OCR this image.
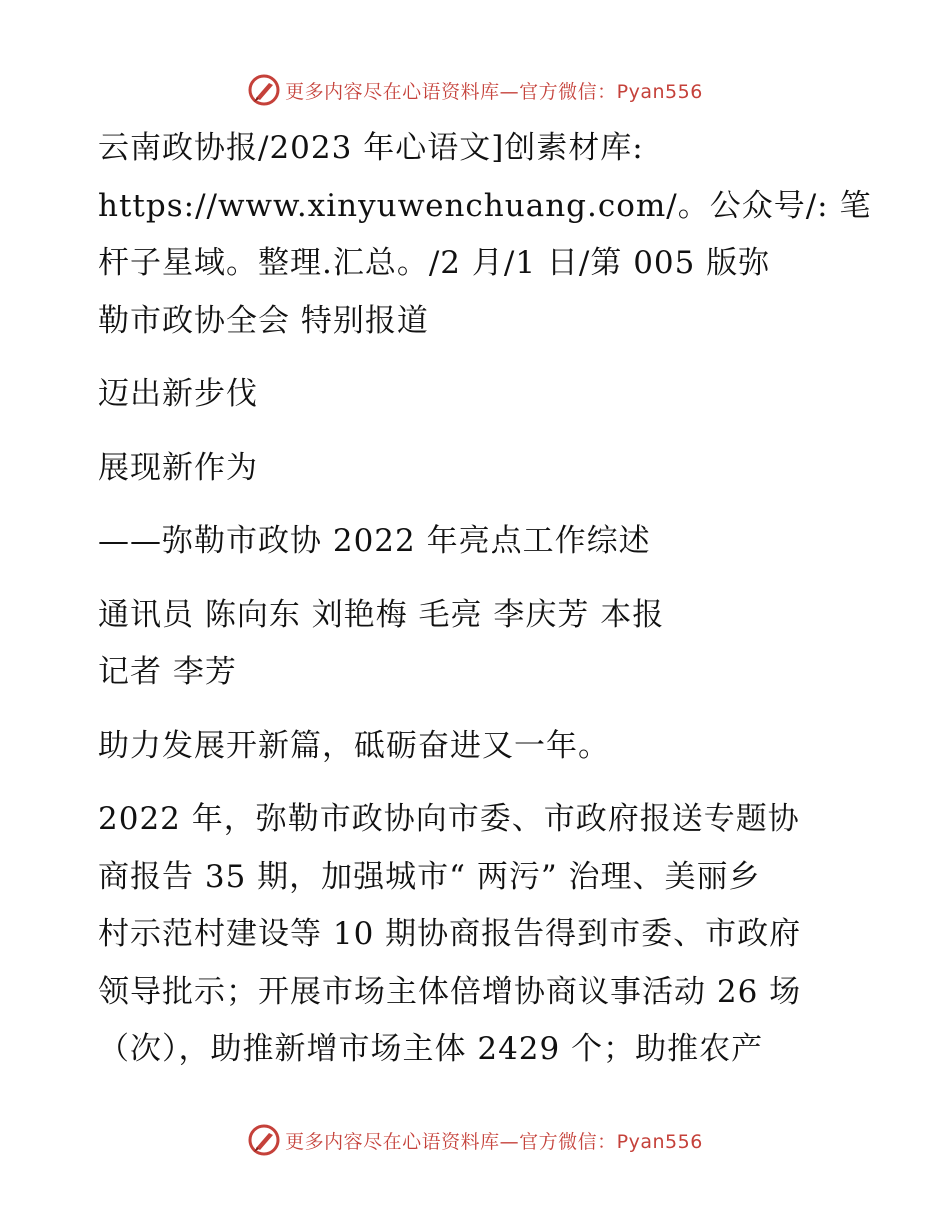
更多内容尽在心语资料库—官方微信：Pyan556

云南政协报/2023 年心语文]创素材库:

https://www.xinyuwenchuang.com/。公众号/: 笔

杆子星域。整理.汇总。/2 月/1 日/第 005 版弥

勒市政协全会 特别报道

迈出新步伐

展现新作为

——弥勒市政协 2022 年亮点工作综述

通讯员 陈向东 刘艳梅 毛亮 李庆芳 本报

记者 李芳

助力发展开新篇，砥砺奋进又一年。

2022 年，弥勒市政协向市委、市政府报送专题协

商报告 35 期，加强城市“ 两污” 治理、美丽乡

村示范村建设等 10 期协商报告得到市委、市政府

领导批示；开展市场主体倍增协商议事活动 26 场

（次），助推新增市场主体 2429 个；助推农产

更多内容尽在心语资料库—官方微信：Pyan556
